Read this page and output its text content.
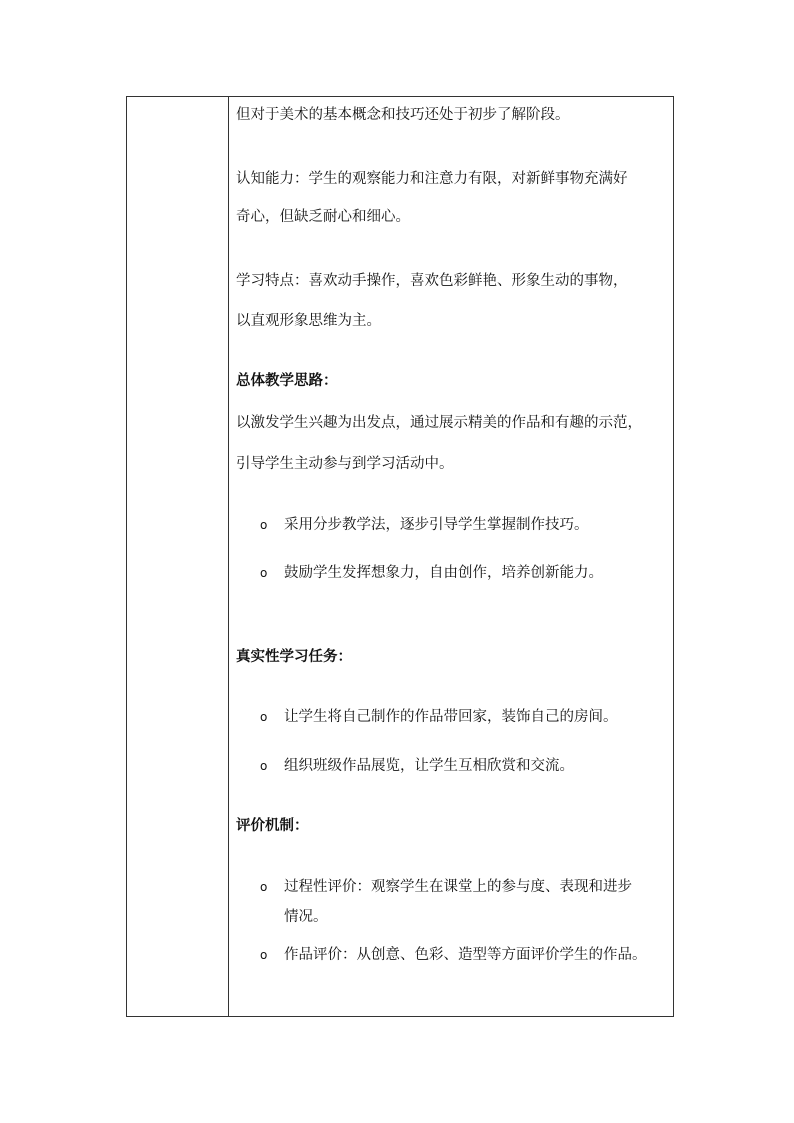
但对于美术的基本概念和技巧还处于初步了解阶段。
认知能力：学生的观察能力和注意力有限，对新鲜事物充满好
奇心，但缺乏耐心和细心。
学习特点：喜欢动手操作，喜欢色彩鲜艳、形象生动的事物，
以直观形象思维为主。
总体教学思路：
以激发学生兴趣为出发点，通过展示精美的作品和有趣的示范，
引导学生主动参与到学习活动中。
o 采用分步教学法，逐步引导学生掌握制作技巧。
o 鼓励学生发挥想象力，自由创作，培养创新能力。
真实性学习任务：
o 让学生将自己制作的作品带回家，装饰自己的房间。
o 组织班级作品展览，让学生互相欣赏和交流。
评价机制：
o 过程性评价：观察学生在课堂上的参与度、表现和进步
情况。
o 作品评价：从创意、色彩、造型等方面评价学生的作品。
